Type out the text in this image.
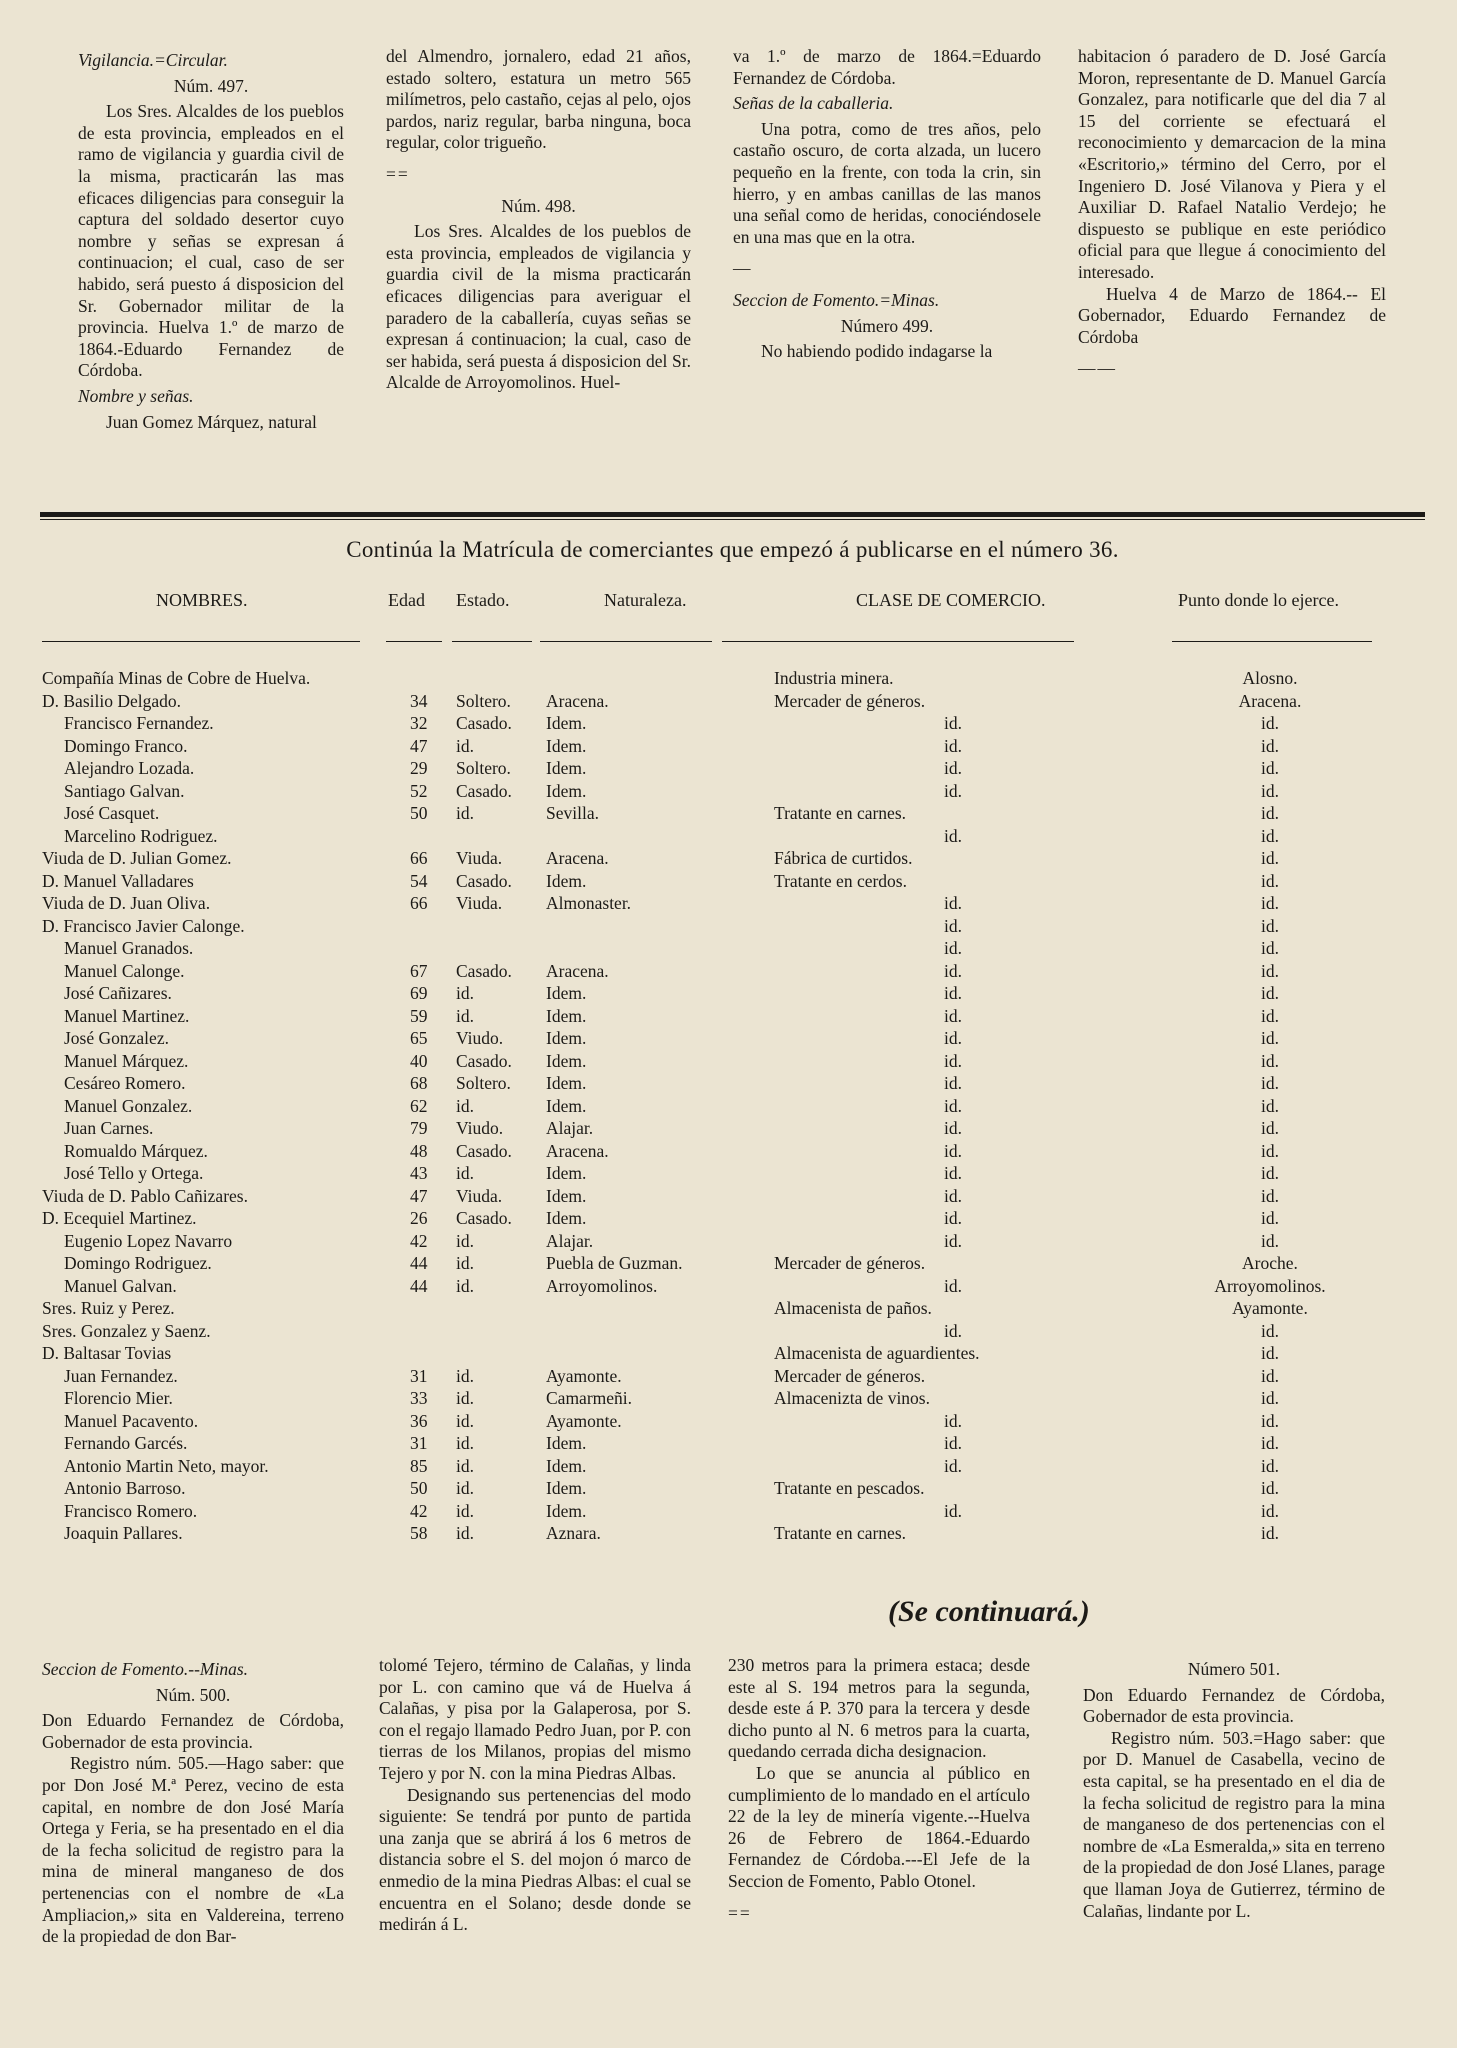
Vigilancia.=Circular.

Núm. 497.

Los Sres. Alcaldes de los pueblos de esta provincia, empleados en el ramo de vigilancia y guardia civil de la misma, practicarán las mas eficaces diligencias para conseguir la captura del soldado desertor cuyo nombre y señas se expresan á continuacion; el cual, caso de ser habido, será puesto á disposicion del Sr. Gobernador militar de la provincia. Huelva 1.º de marzo de 1864.-Eduardo Fernandez de Córdoba.

Nombre y señas.

Juan Gomez Márquez, natural

del Almendro, jornalero, edad 21 años, estado soltero, estatura un metro 565 milímetros, pelo castaño, cejas al pelo, ojos pardos, nariz regular, barba ninguna, boca regular, color trigueño.

==

Núm. 498.

Los Sres. Alcaldes de los pueblos de esta provincia, empleados de vigilancia y guardia civil de la misma practicarán eficaces diligencias para averiguar el paradero de la caballería, cuyas señas se expresan á continuacion; la cual, caso de ser habida, será puesta á disposicion del Sr. Alcalde de Arroyomolinos. Huel-

va 1.º de marzo de 1864.=Eduardo Fernandez de Córdoba.

Señas de la caballeria.

Una potra, como de tres años, pelo castaño oscuro, de corta alzada, un lucero pequeño en la frente, con toda la crin, sin hierro, y en ambas canillas de las manos una señal como de heridas, conociéndosele en una mas que en la otra.

—

Seccion de Fomento.=Minas.

Número 499.

No habiendo podido indagarse la

habitacion ó paradero de D. José García Moron, representante de D. Manuel García Gonzalez, para notificarle que del dia 7 al 15 del corriente se efectuará el reconocimiento y demarcacion de la mina «Escritorio,» término del Cerro, por el Ingeniero D. José Vilanova y Piera y el Auxiliar D. Rafael Natalio Verdejo; he dispuesto se publique en este periódico oficial para que llegue á conocimiento del interesado.

Huelva 4 de Marzo de 1864.-- El Gobernador, Eduardo Fernandez de Córdoba

——

Continúa la Matrícula de comerciantes que empezó á publicarse en el número 36.
NOMBRES.	Edad Estado.	Naturaleza.	CLASE DE COMERCIO.	Punto donde lo ejerce.
Compañía Minas de Cobre de Huelva.	Industria minera.	Alosno.
D. Basilio Delgado.	34 Soltero. Aracena.	Mercader de géneros.	Aracena.
Francisco Fernandez.	32 Casado. Idem.	id.	id.
Domingo Franco.	47 id.	Idem.	id.	id.
Alejandro Lozada.	29 Soltero. Idem.	id.	id.
Santiago Galvan.	52 Casado. Idem.	id.	id.
José Casquet.	50 id.	Sevilla.	Tratante en carnes.	id.
Marcelino Rodriguez.	id.	id.
Viuda de D. Julian Gomez.	66 Viuda.	Aracena.	Fábrica de curtidos.	id.
D. Manuel Valladares	54 Casado. Idem.	Tratante en cerdos.	id.
Viuda de D. Juan Oliva.	66 Viuda.	Almonaster.	id.	id.
D. Francisco Javier Calonge.	id.	id.
Manuel Granados.	id.	id.
Manuel Calonge.	67 Casado. Aracena.	id.	id.
José Cañizares.	69 id.	Idem.	id.	id.
Manuel Martinez.	59 id.	Idem.	id.	id.
José Gonzalez.	65 Viudo. Idem.	id.	id.
Manuel Márquez.	40 Casado. Idem.	id.	id.
Cesáreo Romero.	68 Soltero. Idem.	id.	id.
Manuel Gonzalez.	62 id.	Idem.	id.	id.
Juan Carnes.	79 Viudo. Alajar.	id.	id.
Romualdo Márquez.	48 Casado. Aracena.	id.	id.
José Tello y Ortega.	43 id.	Idem.	id.	id.
Viuda de D. Pablo Cañizares.	47 Viuda.	Idem.	id.	id.
D. Ecequiel Martinez.	26 Casado. Idem.	id.	id.
Eugenio Lopez Navarro	42 id.	Alajar.	id.	id.
Domingo Rodriguez.	44 id.	Puebla de Guzman.	Mercader de géneros.	Aroche.
Manuel Galvan.	44 id.	Arroyomolinos.	id.	Arroyomolinos.
Sres. Ruiz y Perez.	Almacenista de paños.	Ayamonte.
Sres. Gonzalez y Saenz.	id.	id.
D. Baltasar Tovias	Almacenista de aguardientes.	id.
Juan Fernandez.	31 id.	Ayamonte.	Mercader de géneros.	id.
Florencio Mier.	33 id.	Camarmeñi.	Almacenizta de vinos.	id.
Manuel Pacavento.	36 id.	Ayamonte.	id.	id.
Fernando Garcés.	31 id.	Idem.	id.	id.
Antonio Martin Neto, mayor.	85 id.	Idem.	id.	id.
Antonio Barroso.	50 id.	Idem.	Tratante en pescados.	id.
Francisco Romero.	42 id.	Idem.	id.	id.
Joaquin Pallares.	58 id.	Aznara.	Tratante en carnes.	id.
(Se continuará.)

Seccion de Fomento.--Minas.

Núm. 500.

Don Eduardo Fernandez de Córdoba, Gobernador de esta provincia.

Registro núm. 505.—Hago saber: que por Don José M.ª Perez, vecino de esta capital, en nombre de don José María Ortega y Feria, se ha presentado en el dia de la fecha solicitud de registro para la mina de mineral manganeso de dos pertenencias con el nombre de «La Ampliacion,» sita en Valdereina, terreno de la propiedad de don Bar-

tolomé Tejero, término de Calañas, y linda por L. con camino que vá de Huelva á Calañas, y pisa por la Galaperosa, por S. con el regajo llamado Pedro Juan, por P. con tierras de los Milanos, propias del mismo Tejero y por N. con la mina Piedras Albas.

Designando sus pertenencias del modo siguiente: Se tendrá por punto de partida una zanja que se abrirá á los 6 metros de distancia sobre el S. del mojon ó marco de enmedio de la mina Piedras Albas: el cual se encuentra en el Solano; desde donde se medirán á L.

230 metros para la primera estaca; desde este al S. 194 metros para la segunda, desde este á P. 370 para la tercera y desde dicho punto al N. 6 metros para la cuarta, quedando cerrada dicha designacion.

Lo que se anuncia al público en cumplimiento de lo mandado en el artículo 22 de la ley de minería vigente.--Huelva 26 de Febrero de 1864.-Eduardo Fernandez de Córdoba.---El Jefe de la Seccion de Fomento, Pablo Otonel.

==

Número 501.

Don Eduardo Fernandez de Córdoba, Gobernador de esta provincia.

Registro núm. 503.=Hago saber: que por D. Manuel de Casabella, vecino de esta capital, se ha presentado en el dia de la fecha solicitud de registro para la mina de manganeso de dos pertenencias con el nombre de «La Esmeralda,» sita en terreno de la propiedad de don José Llanes, parage que llaman Joya de Gutierrez, término de Calañas, lindante por L.
